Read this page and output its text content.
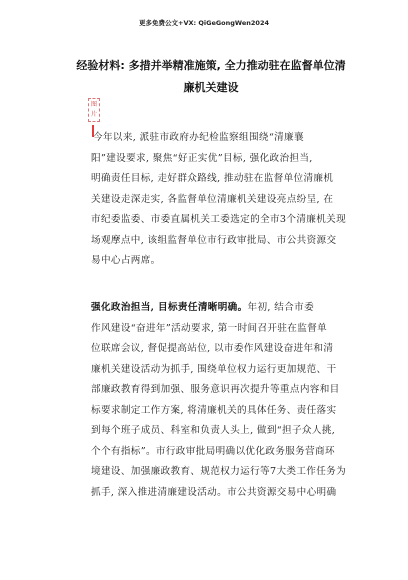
更多免费公文+VX: QiGeGongWen2024
经验材料: 多措并举精准施策, 全力推动驻在监督单位清
廉机关建设
图
片
今年以来, 派驻市政府办纪检监察组围绕“清廉襄
阳”建设要求, 聚焦“好正实优”目标, 强化政治担当,
明确责任目标, 走好群众路线, 推动驻在监督单位清廉机
关建设走深走实, 各监督单位清廉机关建设亮点纷呈, 在
市纪委监委、市委直属机关工委选定的全市3个清廉机关现
场观摩点中, 该组监督单位市行政审批局、市公共资源交
易中心占两席。
强化政治担当, 目标责任清晰明确。年初, 结合市委
作风建设“奋进年”活动要求, 第一时间召开驻在监督单
位联席会议, 督促提高站位, 以市委作风建设奋进年和清
廉机关建设活动为抓手, 围绕单位权力运行更加规范、干
部廉政教育得到加强、服务意识再次提升等重点内容和目
标要求制定工作方案, 将清廉机关的具体任务、责任落实
到每个班子成员、科室和负责人头上, 做到“担子众人挑,
个个有指标”。市行政审批局明确以优化政务服务营商环
境建设、加强廉政教育、规范权力运行等7大类工作任务为
抓手, 深入推进清廉建设活动。市公共资源交易中心明确
